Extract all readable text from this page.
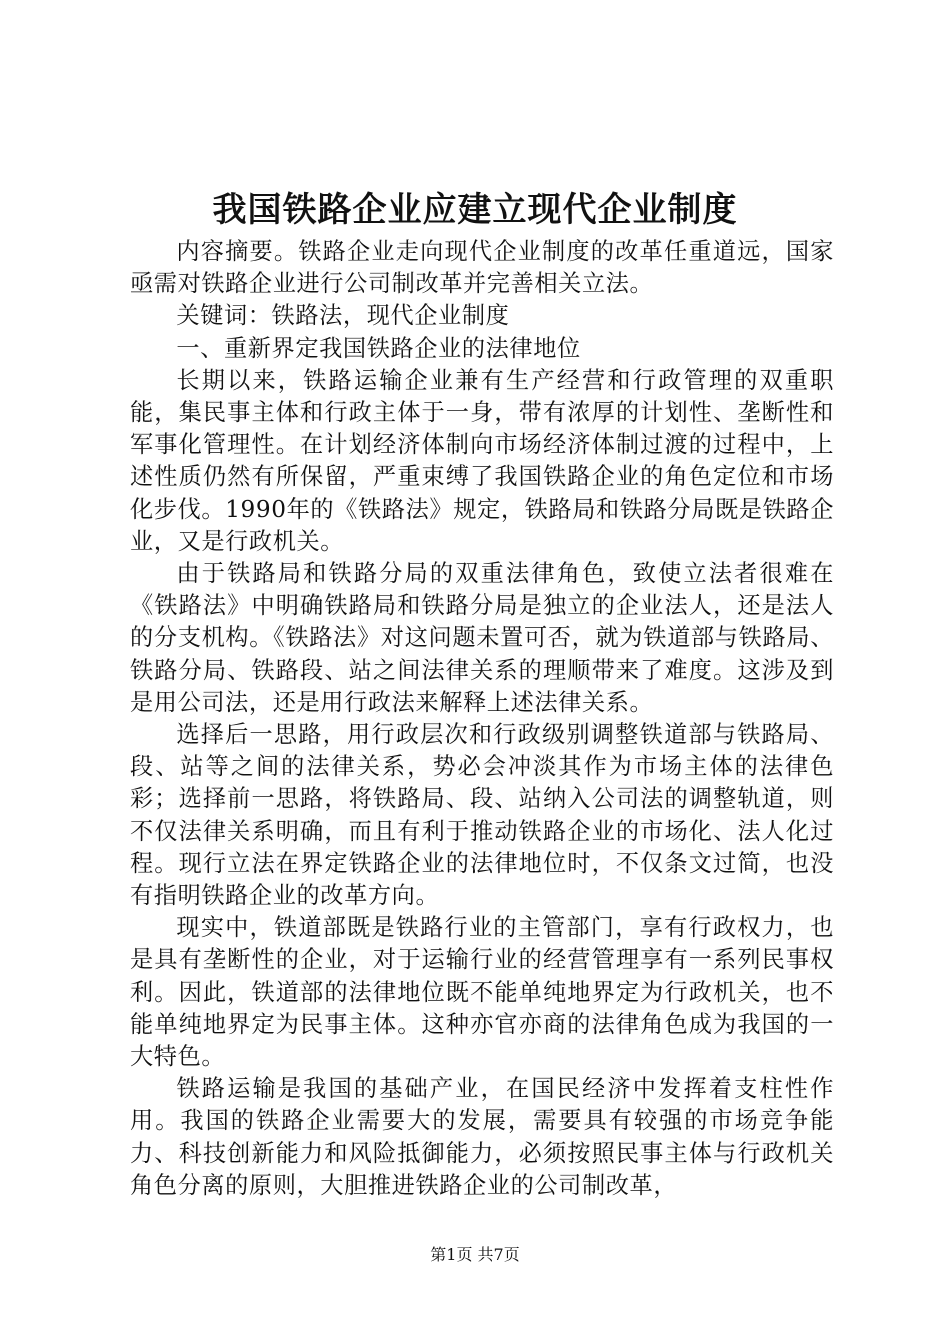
我国铁路企业应建立现代企业制度

内容摘要。铁路企业走向现代企业制度的改革任重道远，国家亟需对铁路企业进行公司制改革并完善相关立法。

关键词：铁路法，现代企业制度

一、重新界定我国铁路企业的法律地位

长期以来，铁路运输企业兼有生产经营和行政管理的双重职能，集民事主体和行政主体于一身，带有浓厚的计划性、垄断性和军事化管理性。在计划经济体制向市场经济体制过渡的过程中，上述性质仍然有所保留，严重束缚了我国铁路企业的角色定位和市场化步伐。1990年的《铁路法》规定，铁路局和铁路分局既是铁路企业，又是行政机关。

由于铁路局和铁路分局的双重法律角色，致使立法者很难在《铁路法》中明确铁路局和铁路分局是独立的企业法人，还是法人的分支机构。《铁路法》对这问题未置可否，就为铁道部与铁路局、铁路分局、铁路段、站之间法律关系的理顺带来了难度。这涉及到是用公司法，还是用行政法来解释上述法律关系。

选择后一思路，用行政层次和行政级别调整铁道部与铁路局、段、站等之间的法律关系，势必会冲淡其作为市场主体的法律色彩；选择前一思路，将铁路局、段、站纳入公司法的调整轨道，则不仅法律关系明确，而且有利于推动铁路企业的市场化、法人化过程。现行立法在界定铁路企业的法律地位时，不仅条文过简，也没有指明铁路企业的改革方向。

现实中，铁道部既是铁路行业的主管部门，享有行政权力，也是具有垄断性的企业，对于运输行业的经营管理享有一系列民事权利。因此，铁道部的法律地位既不能单纯地界定为行政机关，也不能单纯地界定为民事主体。这种亦官亦商的法律角色成为我国的一大特色。

铁路运输是我国的基础产业，在国民经济中发挥着支柱性作用。我国的铁路企业需要大的发展，需要具有较强的市场竞争能力、科技创新能力和风险抵御能力，必须按照民事主体与行政机关角色分离的原则，大胆推进铁路企业的公司制改革，

第1页 共7页
